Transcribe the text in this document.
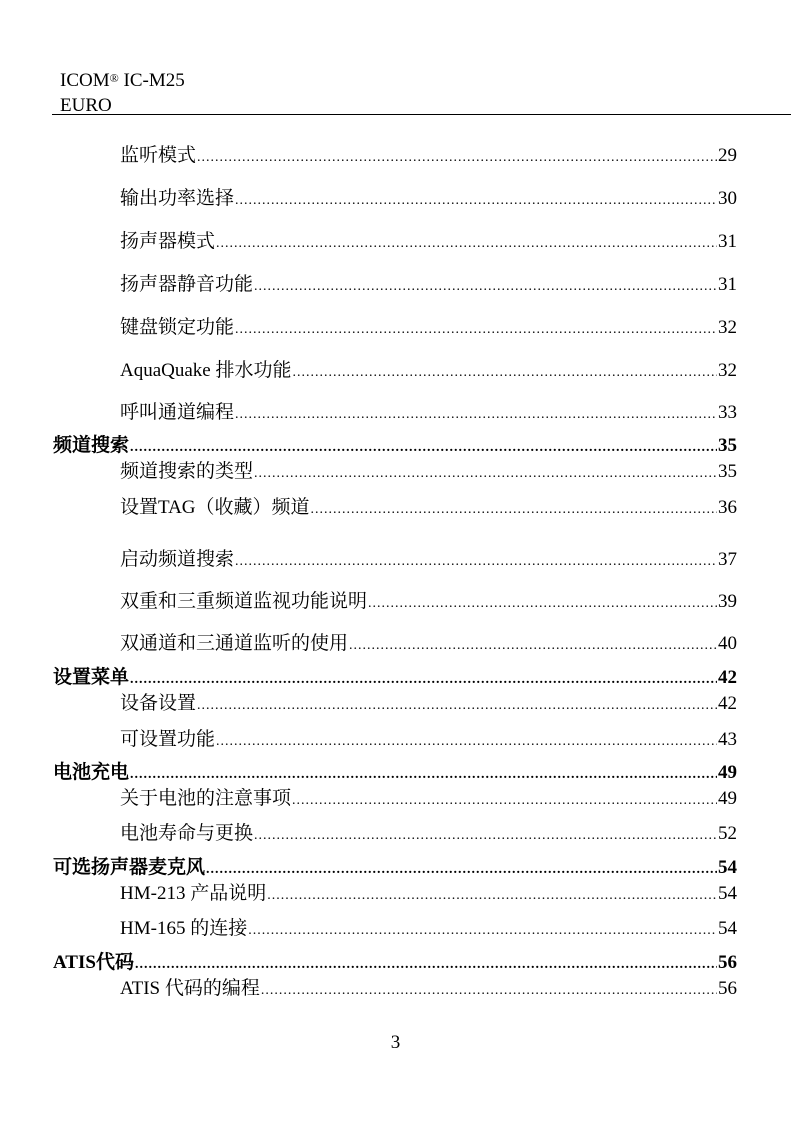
ICOM® IC-M25
EURO
监听模式 .....	29
输出功率选择 .....	30
扬声器模式 .....	31
扬声器静音功能 .....	31
键盘锁定功能 .....	32
AquaQuake 排水功能 .....	32
呼叫通道编程 .....	33
频道搜索 .....	35
频道搜索的类型 .....	35
设置TAG（收藏）频道 .....	36
启动频道搜索 .....	37
双重和三重频道监视功能说明 .....	39
双通道和三通道监听的使用 .....	40
设置菜单 .....	42
设备设置 .....	42
可设置功能 .....	43
电池充电 .....	49
关于电池的注意事项 .....	49
电池寿命与更换 .....	52
可选扬声器麦克风 .....	54
HM-213 产品说明 .....	54
HM-165 的连接 .....	54
ATIS代码 .....	56
ATIS 代码的编程 .....	56
3
